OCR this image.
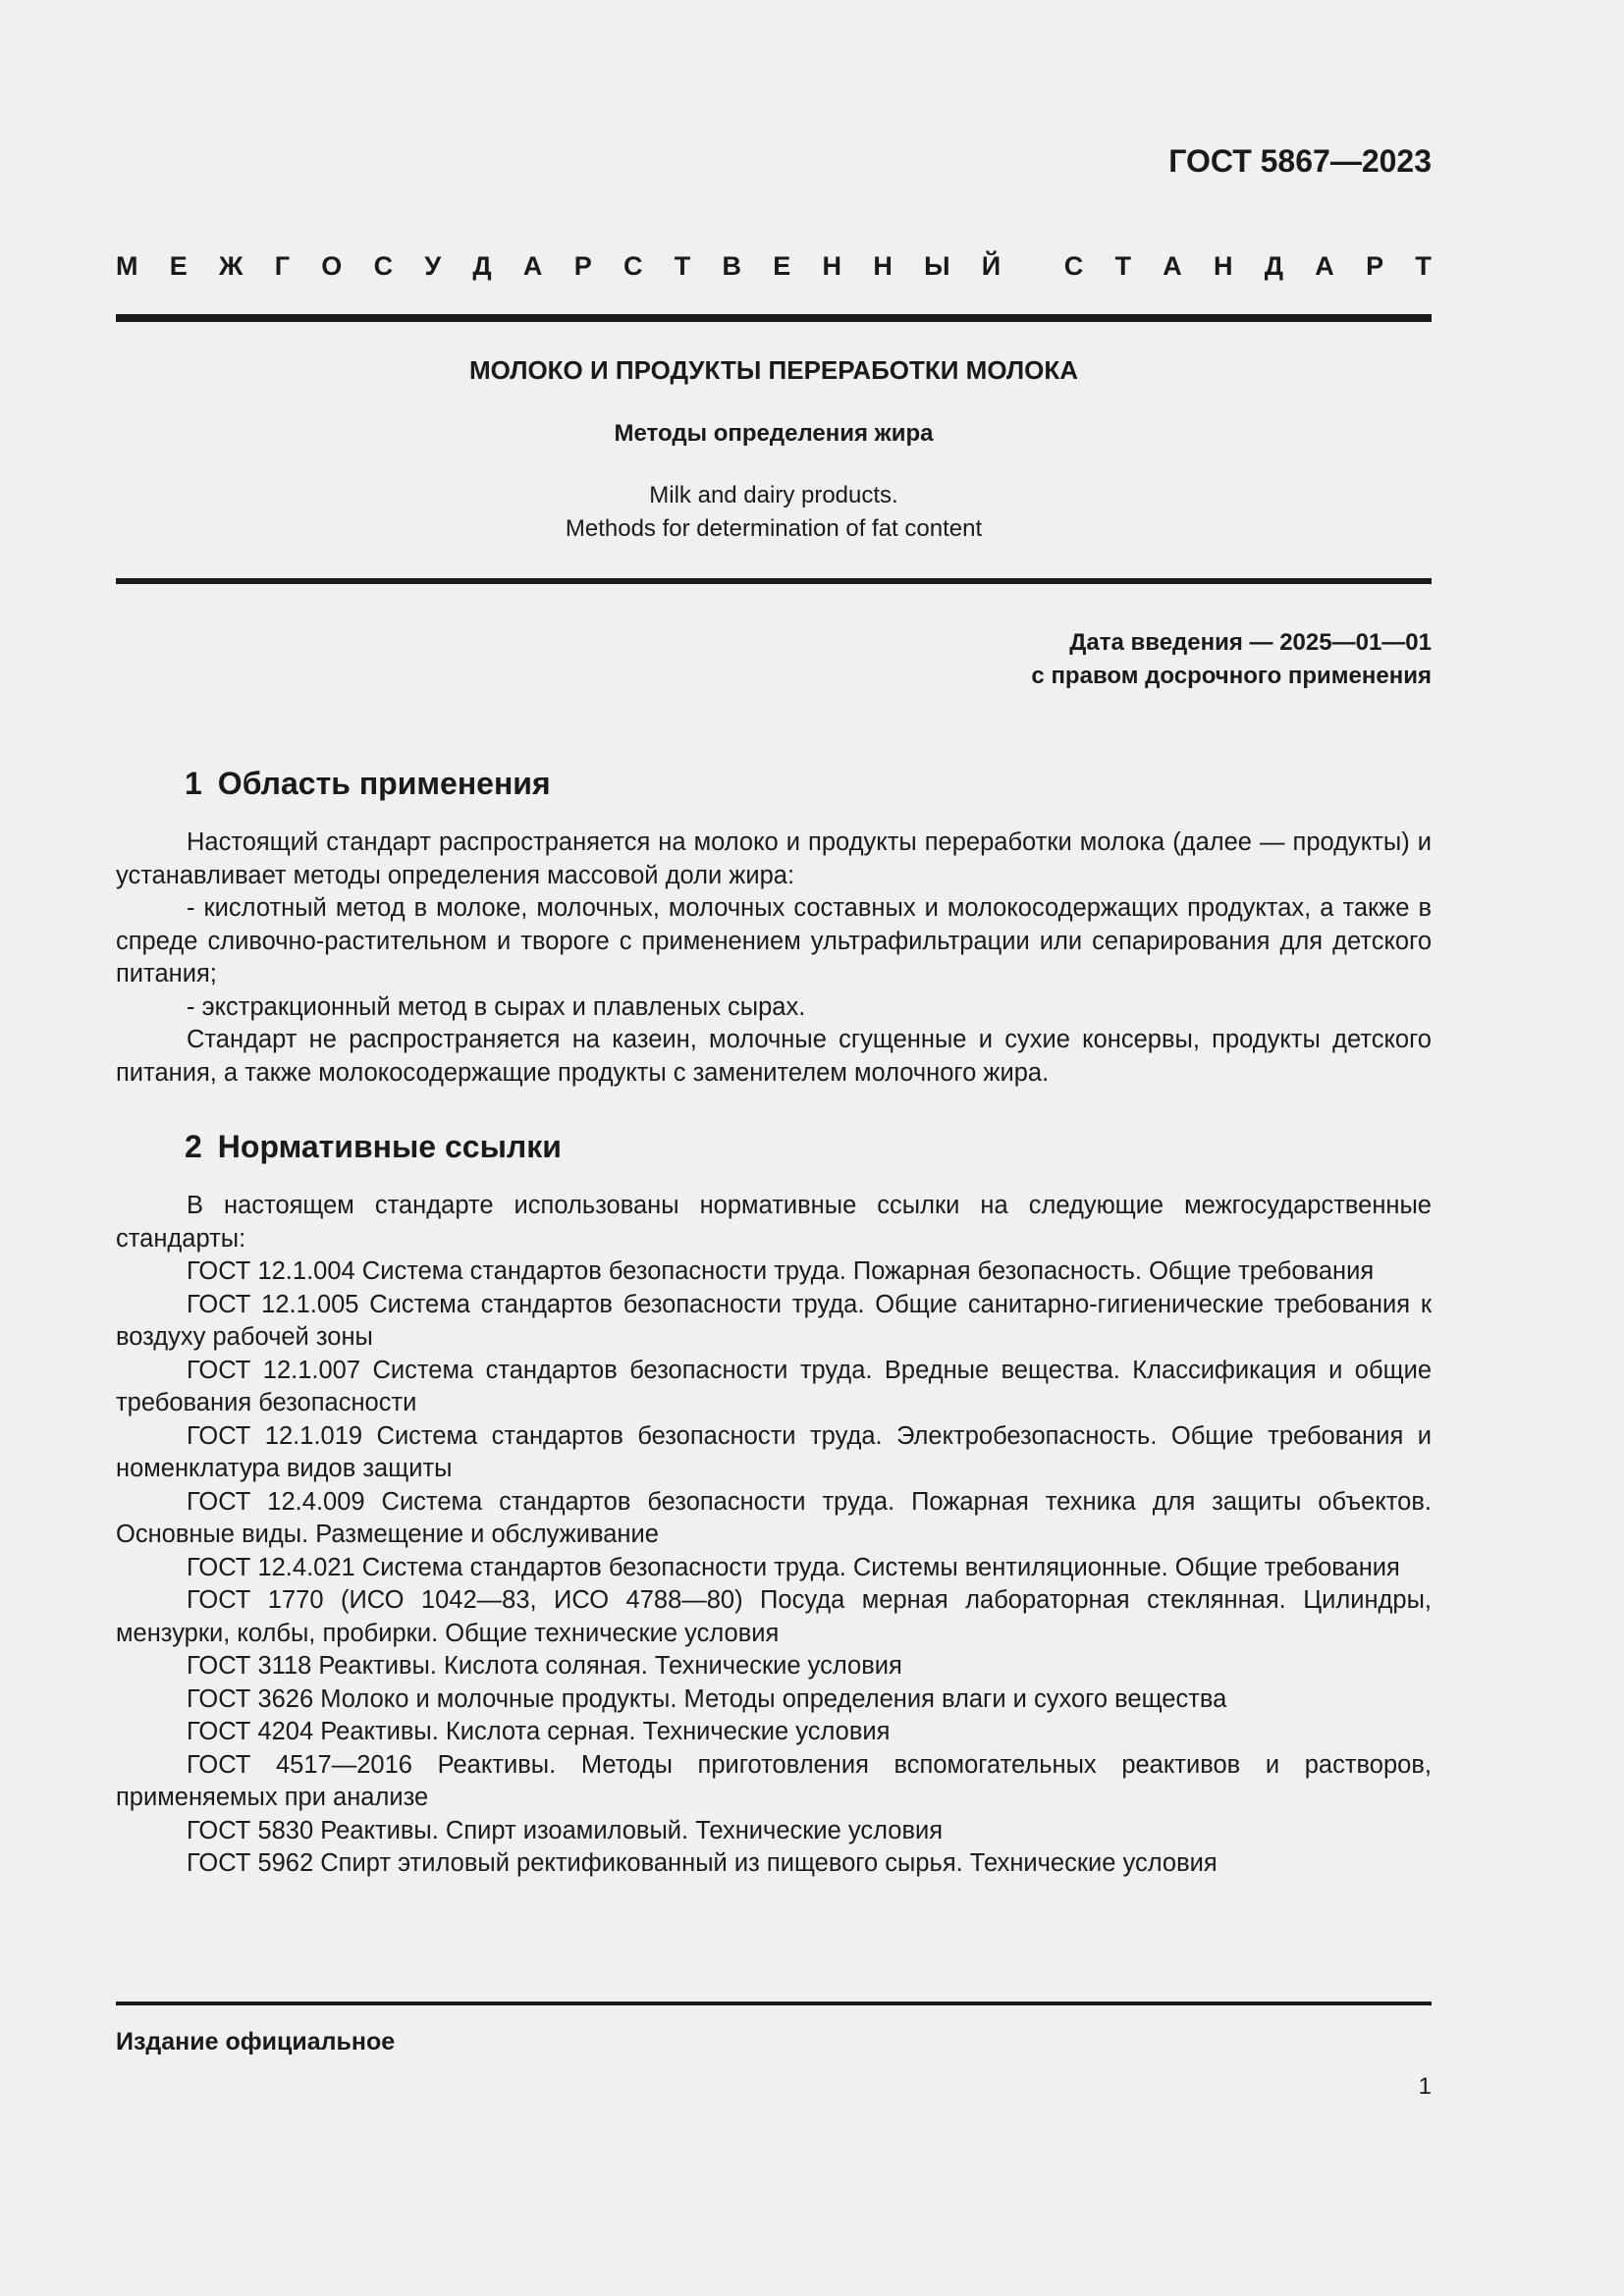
ГОСТ 5867—2023
М Е Ж Г О С У Д А Р С Т В Е Н Н Ы Й С Т А Н Д А Р Т
МОЛОКО И ПРОДУКТЫ ПЕРЕРАБОТКИ МОЛОКА
Методы определения жира
Milk and dairy products.
Methods for determination of fat content
Дата введения — 2025—01—01
с правом досрочного применения
1 Область применения

Настоящий стандарт распространяется на молоко и продукты переработки молока (далее — продукты) и устанавливает методы определения массовой доли жира:

- кислотный метод в молоке, молочных, молочных составных и молокосодержащих продуктах, а также в спреде сливочно-растительном и твороге с применением ультрафильтрации или сепарирования для детского питания;

- экстракционный метод в сырах и плавленых сырах.

Стандарт не распространяется на казеин, молочные сгущенные и сухие консервы, продукты детского питания, а также молокосодержащие продукты с заменителем молочного жира.

2 Нормативные ссылки

В настоящем стандарте использованы нормативные ссылки на следующие межгосударственные стандарты:

ГОСТ 12.1.004 Система стандартов безопасности труда. Пожарная безопасность. Общие требования

ГОСТ 12.1.005 Система стандартов безопасности труда. Общие санитарно-гигиенические требования к воздуху рабочей зоны

ГОСТ 12.1.007 Система стандартов безопасности труда. Вредные вещества. Классификация и общие требования безопасности

ГОСТ 12.1.019 Система стандартов безопасности труда. Электробезопасность. Общие требования и номенклатура видов защиты

ГОСТ 12.4.009 Система стандартов безопасности труда. Пожарная техника для защиты объектов. Основные виды. Размещение и обслуживание

ГОСТ 12.4.021 Система стандартов безопасности труда. Системы вентиляционные. Общие требования

ГОСТ 1770 (ИСО 1042—83, ИСО 4788—80) Посуда мерная лабораторная стеклянная. Цилиндры, мензурки, колбы, пробирки. Общие технические условия

ГОСТ 3118 Реактивы. Кислота соляная. Технические условия

ГОСТ 3626 Молоко и молочные продукты. Методы определения влаги и сухого вещества

ГОСТ 4204 Реактивы. Кислота серная. Технические условия

ГОСТ 4517—2016 Реактивы. Методы приготовления вспомогательных реактивов и растворов, применяемых при анализе

ГОСТ 5830 Реактивы. Спирт изоамиловый. Технические условия

ГОСТ 5962 Спирт этиловый ректификованный из пищевого сырья. Технические условия

Издание официальное
1
